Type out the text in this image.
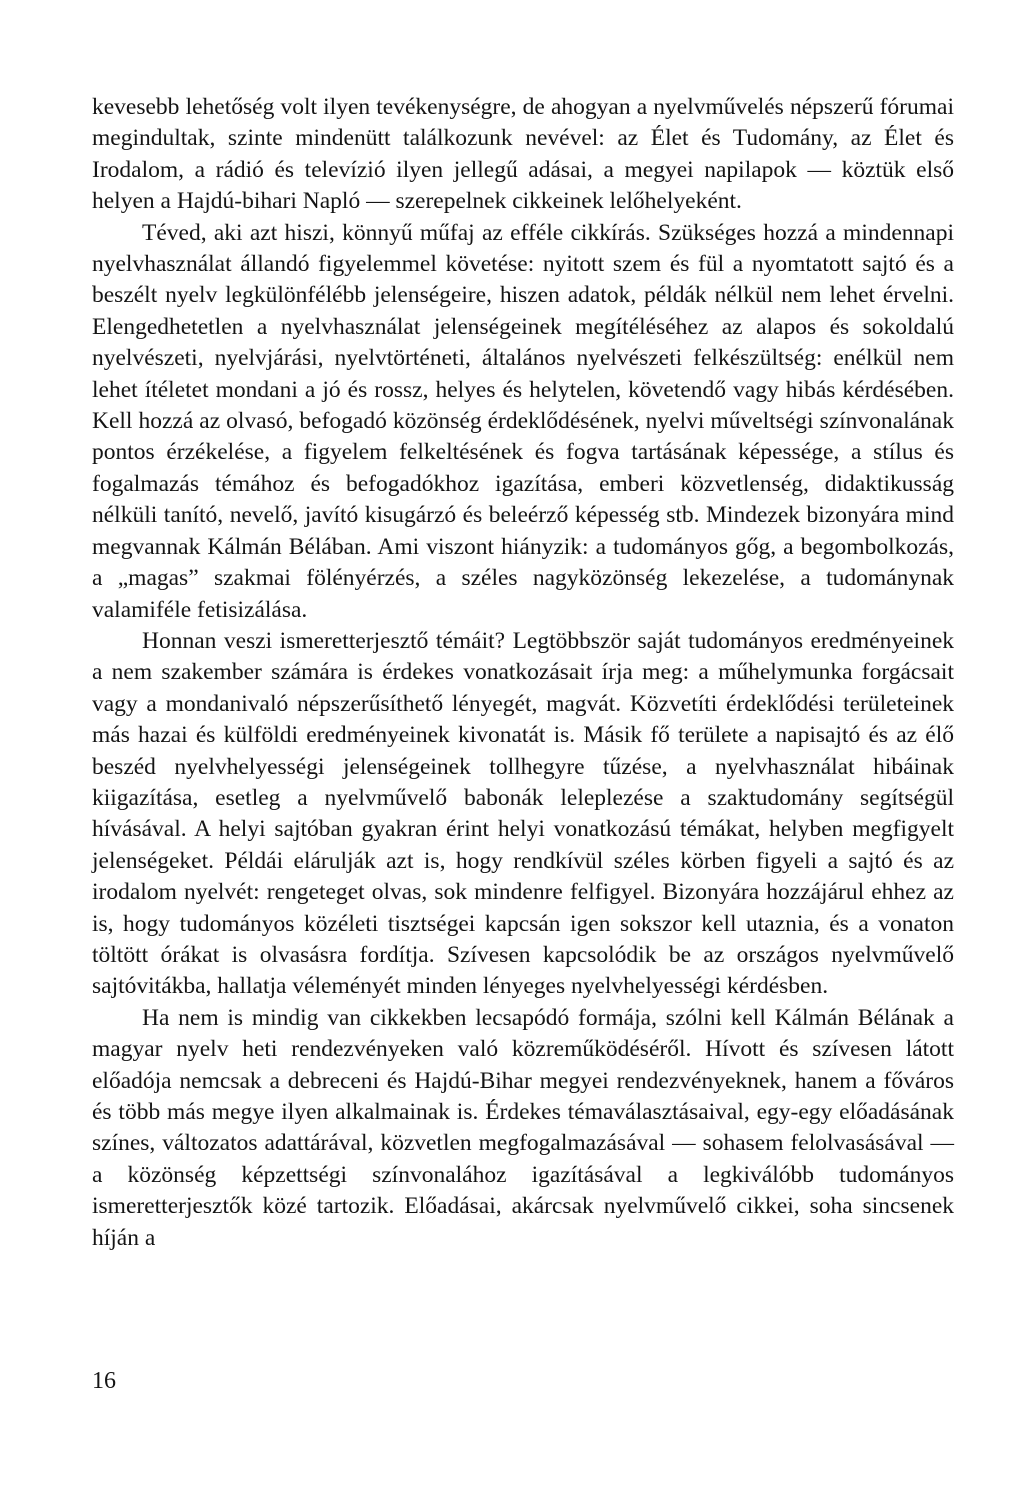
kevesebb lehetőség volt ilyen tevékenységre, de ahogyan a nyelvművelés népszerű fórumai megindultak, szinte mindenütt találkozunk nevével: az Élet és Tudomány, az Élet és Irodalom, a rádió és televízió ilyen jellegű adásai, a megyei napilapok — köztük első helyen a Hajdú-bihari Napló — szerepelnek cikkeinek lelőhelyeként.

Téved, aki azt hiszi, könnyű műfaj az efféle cikkírás. Szükséges hozzá a mindennapi nyelvhasználat állandó figyelemmel követése: nyitott szem és fül a nyomtatott sajtó és a beszélt nyelv legkülönfélébb jelenségeire, hiszen adatok, példák nélkül nem lehet érvelni. Elengedhetetlen a nyelvhasználat jelenségeinek megítéléséhez az alapos és sokoldalú nyelvészeti, nyelvjárási, nyelvtörténeti, általános nyelvészeti felkészültség: enélkül nem lehet ítéletet mondani a jó és rossz, helyes és helytelen, követendő vagy hibás kérdésében. Kell hozzá az olvasó, befogadó közönség érdeklődésének, nyelvi műveltségi színvonalának pontos érzékelése, a figyelem felkeltésének és fogva tartásának képessége, a stílus és fogalmazás témához és befogadókhoz igazítása, emberi közvetlenség, didaktikusság nélküli tanító, nevelő, javító kisugárzó és beleérző képesség stb. Mindezek bizonyára mind megvannak Kálmán Bélában. Ami viszont hiányzik: a tudományos gőg, a begombolkozás, a „magas” szakmai fölényérzés, a széles nagyközönség lekezelése, a tudománynak valamiféle fetisizálása.

Honnan veszi ismeretterjesztő témáit? Legtöbbször saját tudományos eredményeinek a nem szakember számára is érdekes vonatkozásait írja meg: a műhelymunka forgácsait vagy a mondanivaló népszerűsíthető lényegét, magvát. Közvetíti érdeklődési területeinek más hazai és külföldi eredményeinek kivonatát is. Másik fő területe a napisajtó és az élő beszéd nyelvhelyességi jelenségeinek tollhegyre tűzése, a nyelvhasználat hibáinak kiigazítása, esetleg a nyelvművelő babonák leleplezése a szaktudomány segítségül hívásával. A helyi sajtóban gyakran érint helyi vonatkozású témákat, helyben megfigyelt jelenségeket. Példái elárulják azt is, hogy rendkívül széles körben figyeli a sajtó és az irodalom nyelvét: rengeteget olvas, sok mindenre felfigyel. Bizonyára hozzájárul ehhez az is, hogy tudományos közéleti tisztségei kapcsán igen sokszor kell utaznia, és a vonaton töltött órákat is olvasásra fordítja. Szívesen kapcsolódik be az országos nyelvművelő sajtóvitákba, hallatja véleményét minden lényeges nyelvhelyességi kérdésben.

Ha nem is mindig van cikkekben lecsapódó formája, szólni kell Kálmán Bélának a magyar nyelv heti rendezvényeken való közreműködéséről. Hívott és szívesen látott előadója nemcsak a debreceni és Hajdú-Bihar megyei rendezvényeknek, hanem a főváros és több más megye ilyen alkalmainak is. Érdekes témaválasztásaival, egy-egy előadásának színes, változatos adattárával, közvetlen megfogalmazásával — sohasem felolvasásával — a közönség képzettségi színvonalához igazításával a legkiválóbb tudományos ismeretterjesztők közé tartozik. Előadásai, akárcsak nyelvművelő cikkei, soha sincsenek híján a

16
